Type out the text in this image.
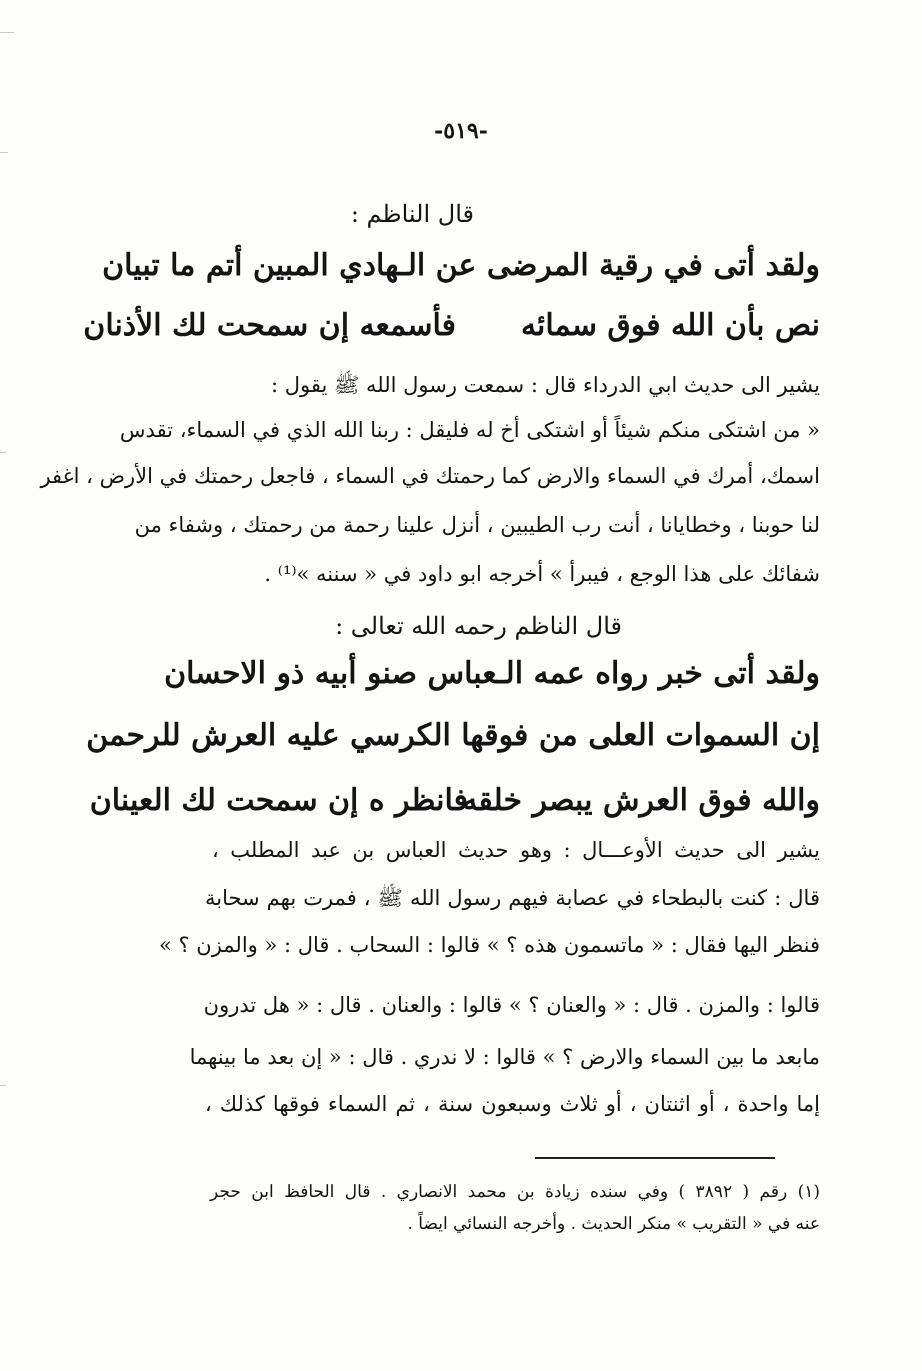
-٥١٩-
قال الناظم :
ولقد أتى في رقية المرضى عن الـهادي المبين أتم ما تبيان
نص بأن الله فوق سمائه
فأسمعه إن سمحت لك الأذنان
يشير الى حديث ابي الدرداء قال : سمعت رسول الله ﷺ يقول :
« من اشتكى منكم شيئاً أو اشتكى أخ له فليقل : ربنا الله الذي في السماء، تقدس
اسمك، أمرك في السماء والارض كما رحمتك في السماء ، فاجعل رحمتك في الأرض ، اغفر
لنا حوبنا ، وخطايانا ، أنت رب الطيبين ، أنزل علينا رحمة من رحمتك ، وشفاء من
شفائك على هذا الوجع ، فيبرأ » أخرجه ابو داود في « سننه »⁽¹⁾ .
قال الناظم رحمه الله تعالى :
ولقد أتى خبر رواه عمه الـعباس صنو أبيه ذو الاحسان
إن السموات العلى من فوقها الكرسي عليه العرش للرحمن
والله فوق العرش يبصر خلقه
فانظر ه إن سمحت لك العينان
يشير الى حديث الأوعـــال : وهو حديث العباس بن عبد المطلب ،
قال : كنت بالبطحاء في عصابة فيهم رسول الله ﷺ ، فمرت بهم سحابة
فنظر اليها فقال : « ماتسمون هذه ؟ » قالوا : السحاب . قال : « والمزن ؟ »
قالوا : والمزن . قال : « والعنان ؟ » قالوا : والعنان . قال : « هل تدرون
مابعد ما بين السماء والارض ؟ » قالوا : لا ندري . قال : « إن بعد ما بينهما
إما واحدة ، أو اثنتان ، أو ثلاث وسبعون سنة ، ثم السماء فوقها كذلك ،
(١) رقم ( ٣٨٩٢ ) وفي سنده زيادة بن محمد الانصاري . قال الحافظ ابن حجر
عنه في « التقريب » منكر الحديث . وأخرجه النسائي ايضاً .
